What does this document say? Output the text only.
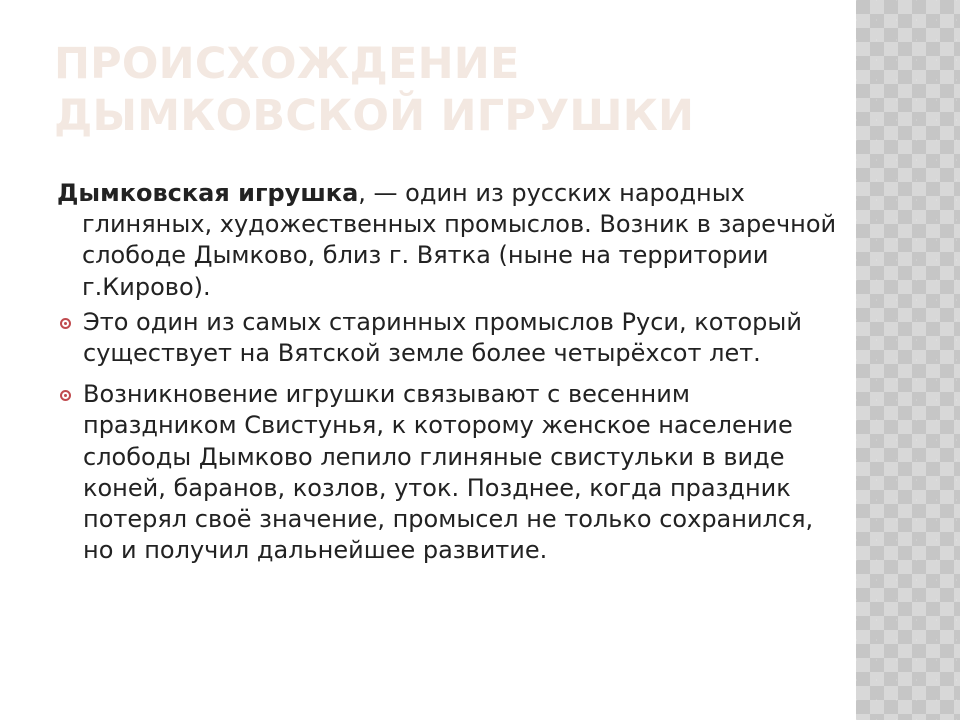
ПРОИСХОЖДЕНИЕ ДЫМКОВСКОЙ ИГРУШКИ

Дымковская игрушка, — один из русских народных глиняных, художественных промыслов. Возник в заречной слободе Дымково, близ г. Вятка (ныне на территории г.Кирово).

Это один из самых старинных промыслов Руси, который существует на Вятской земле более четырёхсот лет.
Возникновение игрушки связывают с весенним праздником Свистунья, к которому женское население слободы Дымково лепило глиняные свистульки в виде коней, баранов, козлов, уток. Позднее, когда праздник потерял своё значение, промысел не только сохранился, но и получил дальнейшее развитие.
